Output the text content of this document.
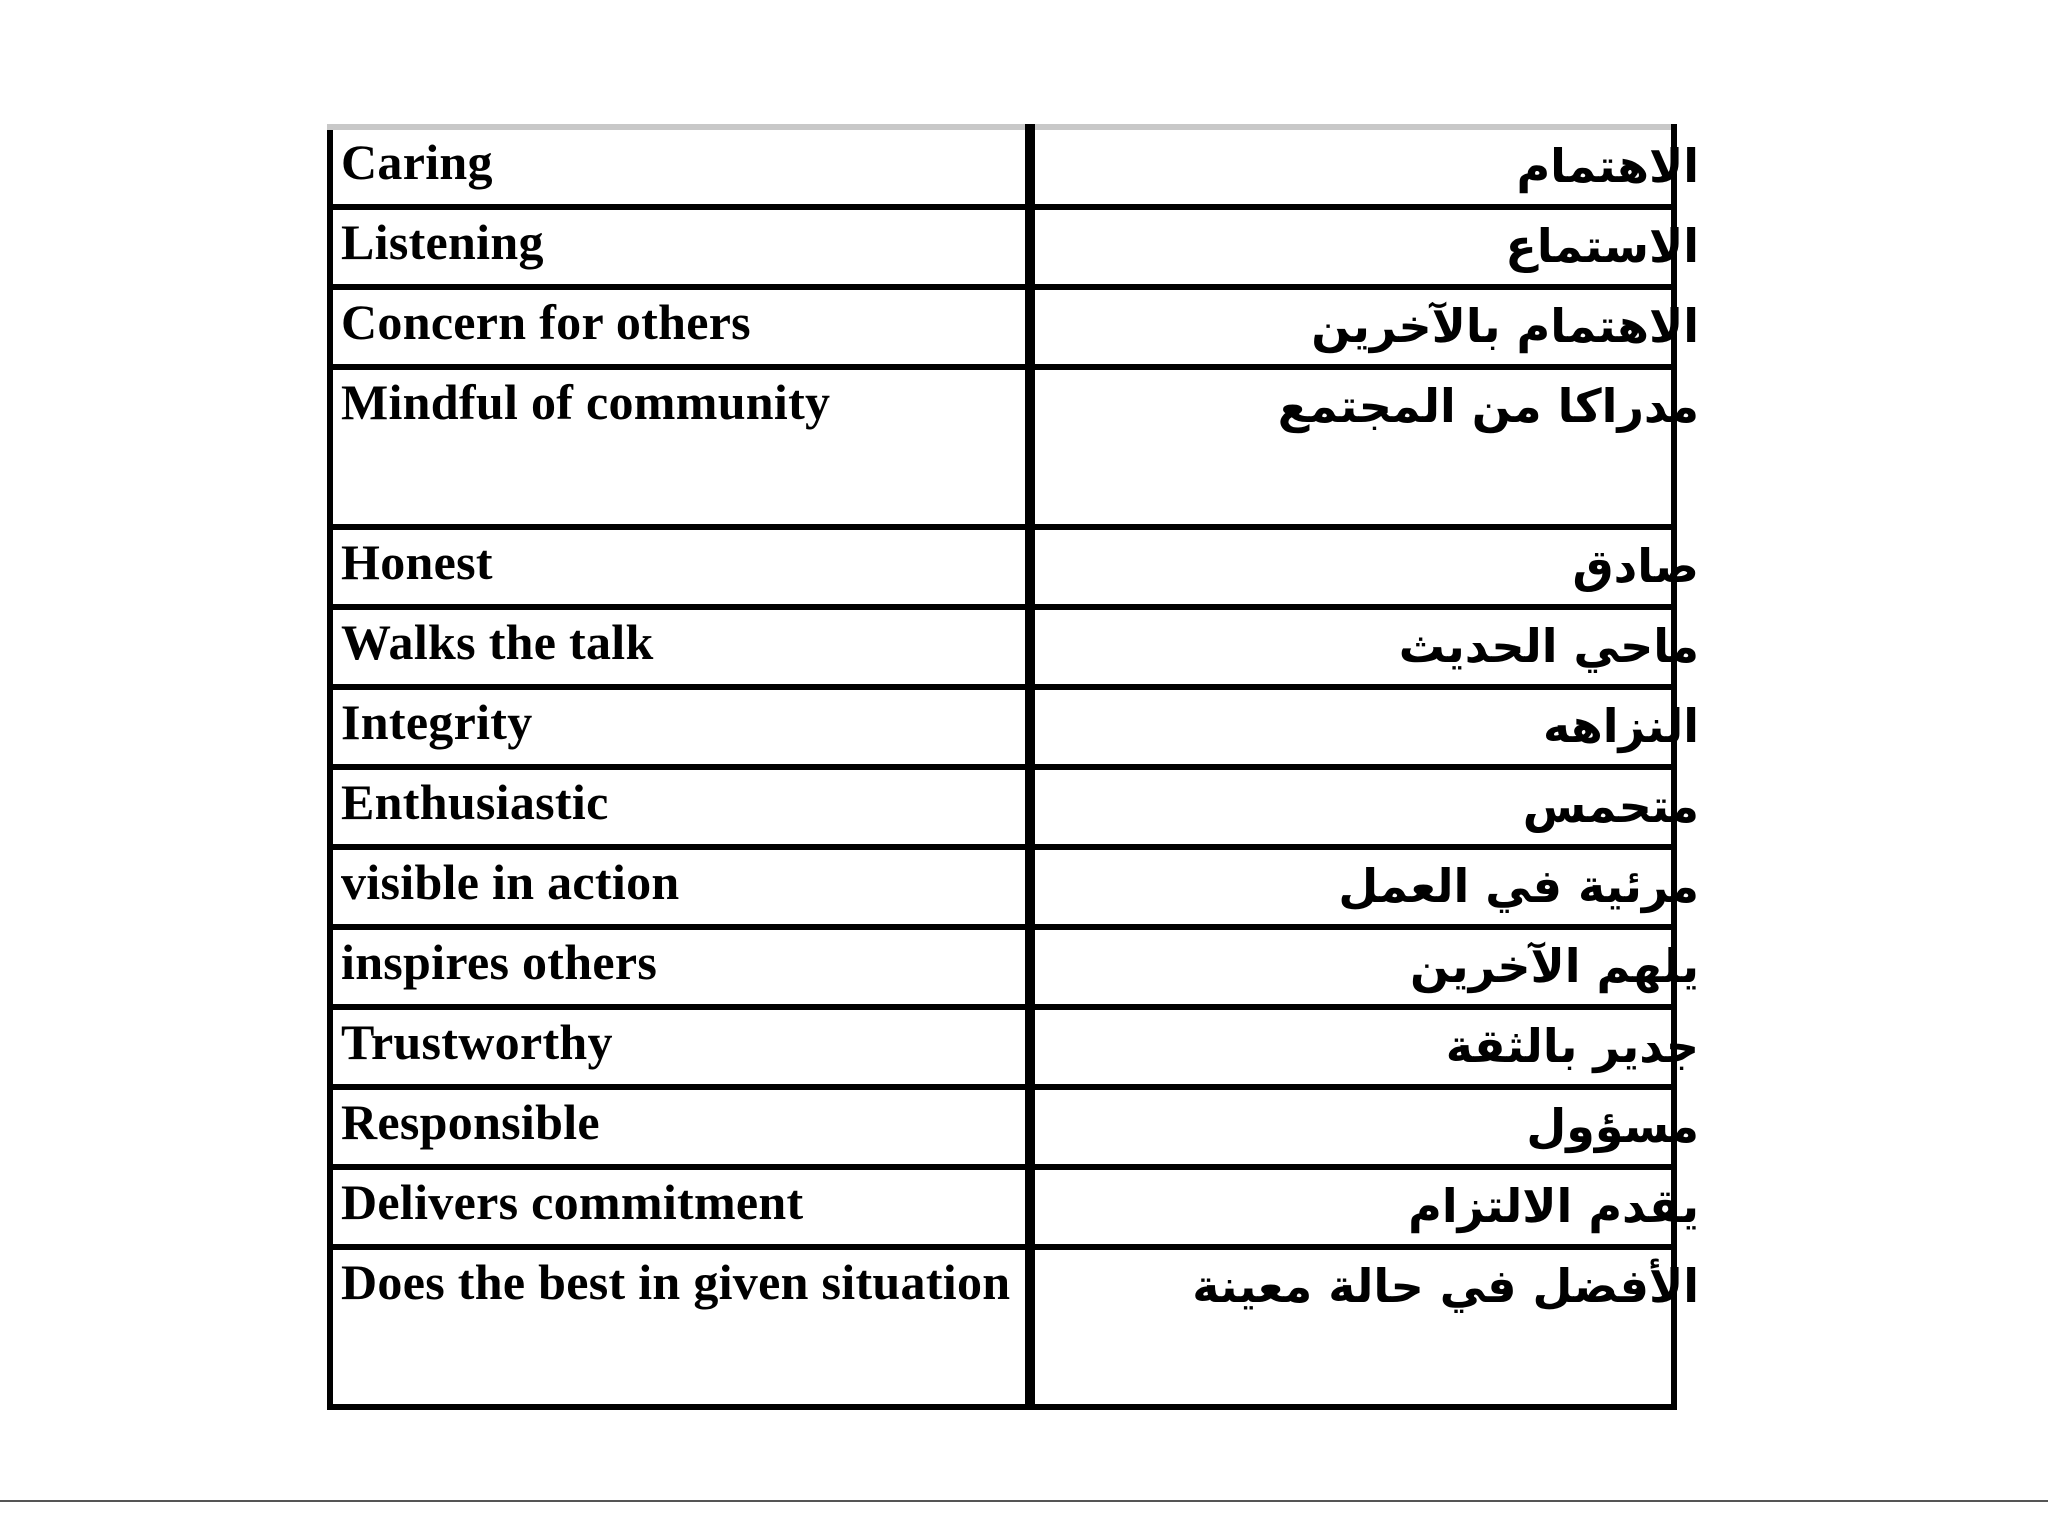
Caring	الاهتمام
Listening	الاستماع
Concern for others	الاهتمام بالآخرين
Mindful of community	مدراكا من المجتمع
Honest	صادق
Walks the talk	ماحي الحديث
Integrity	النزاهه
Enthusiastic	متحمس
visible in action	مرئية في العمل
inspires others	يلهم الآخرين
Trustworthy	جدير بالثقة
Responsible	مسؤول
Delivers commitment	يقدم الالتزام
Does the best in given situation	الأفضل في حالة معينة
